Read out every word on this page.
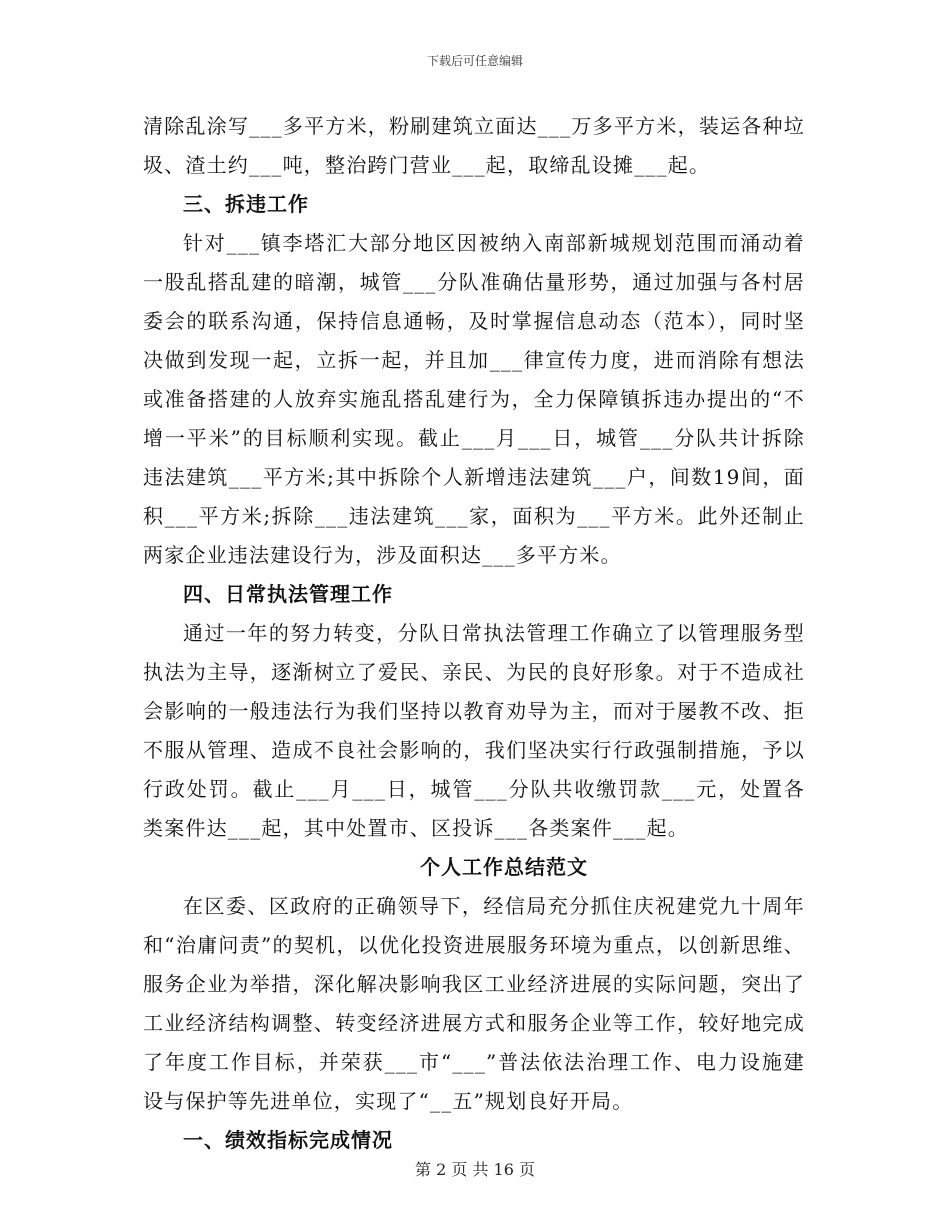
下载后可任意编辑

清除乱涂写___多平方米，粉刷建筑立面达___万多平方米，装运各种垃圾、渣土约___吨，整治跨门营业___起，取缔乱设摊___起。

三、拆违工作

针对___镇李塔汇大部分地区因被纳入南部新城规划范围而涌动着一股乱搭乱建的暗潮，城管___分队准确估量形势，通过加强与各村居委会的联系沟通，保持信息通畅，及时掌握信息动态（范本），同时坚决做到发现一起，立拆一起，并且加___律宣传力度，进而消除有想法或准备搭建的人放弃实施乱搭乱建行为，全力保障镇拆违办提出的“不增一平米”的目标顺利实现。截止___月___日，城管___分队共计拆除违法建筑___平方米;其中拆除个人新增违法建筑___户，间数19间，面积___平方米;拆除___违法建筑___家，面积为___平方米。此外还制止两家企业违法建设行为，涉及面积达___多平方米。

四、日常执法管理工作

通过一年的努力转变，分队日常执法管理工作确立了以管理服务型执法为主导，逐渐树立了爱民、亲民、为民的良好形象。对于不造成社会影响的一般违法行为我们坚持以教育劝导为主，而对于屡教不改、拒不服从管理、造成不良社会影响的，我们坚决实行行政强制措施，予以行政处罚。截止___月___日，城管___分队共收缴罚款___元，处置各类案件达___起，其中处置市、区投诉___各类案件___起。

个人工作总结范文

在区委、区政府的正确领导下，经信局充分抓住庆祝建党九十周年和“治庸问责”的契机，以优化投资进展服务环境为重点，以创新思维、服务企业为举措，深化解决影响我区工业经济进展的实际问题，突出了工业经济结构调整、转变经济进展方式和服务企业等工作，较好地完成了年度工作目标，并荣获___市“___”普法依法治理工作、电力设施建设与保护等先进单位，实现了“__五”规划良好开局。

一、绩效指标完成情况

第 2 页 共 16 页
